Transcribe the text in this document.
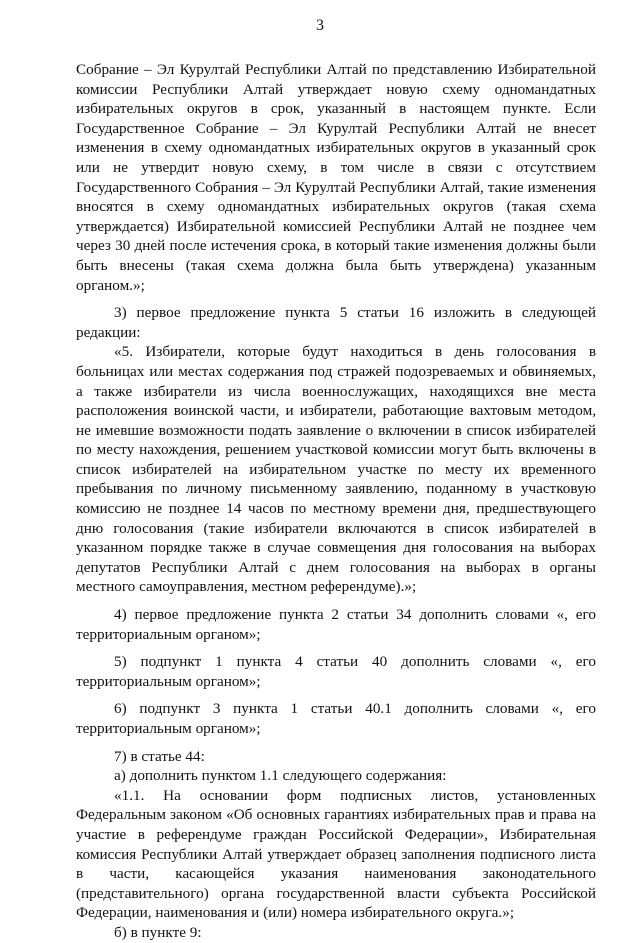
3

Собрание – Эл Курултай Республики Алтай по представлению Избирательной комиссии Республики Алтай утверждает новую схему одномандатных избирательных округов в срок, указанный в настоящем пункте. Если Государственное Собрание – Эл Курултай Республики Алтай не внесет изменения в схему одномандатных избирательных округов в указанный срок или не утвердит новую схему, в том числе в связи с отсутствием Государственного Собрания – Эл Курултай Республики Алтай, такие изменения вносятся в схему одномандатных избирательных округов (такая схема утверждается) Избирательной комиссией Республики Алтай не позднее чем через 30 дней после истечения срока, в который такие изменения должны были быть внесены (такая схема должна была быть утверждена) указанным органом.»;

3) первое предложение пункта 5 статьи 16 изложить в следующей редакции:

«5. Избиратели, которые будут находиться в день голосования в больницах или местах содержания под стражей подозреваемых и обвиняемых, а также избиратели из числа военнослужащих, находящихся вне места расположения воинской части, и избиратели, работающие вахтовым методом, не имевшие возможности подать заявление о включении в список избирателей по месту нахождения, решением участковой комиссии могут быть включены в список избирателей на избирательном участке по месту их временного пребывания по личному письменному заявлению, поданному в участковую комиссию не позднее 14 часов по местному времени дня, предшествующего дню голосования (такие избиратели включаются в список избирателей в указанном порядке также в случае совмещения дня голосования на выборах депутатов Республики Алтай с днем голосования на выборах в органы местного самоуправления, местном референдуме).»;

4) первое предложение пункта 2 статьи 34 дополнить словами «, его территориальным органом»;

5) подпункт 1 пункта 4 статьи 40 дополнить словами «, его территориальным органом»;

6) подпункт 3 пункта 1 статьи 40.1 дополнить словами «, его территориальным органом»;

7) в статье 44:

а) дополнить пунктом 1.1 следующего содержания:

«1.1. На основании форм подписных листов, установленных Федеральным законом «Об основных гарантиях избирательных прав и права на участие в референдуме граждан Российской Федерации», Избирательная комиссия Республики Алтай утверждает образец заполнения подписного листа в части, касающейся указания наименования законодательного (представительного) органа государственной власти субъекта Российской Федерации, наименования и (или) номера избирательного округа.»;

б) в пункте 9:
